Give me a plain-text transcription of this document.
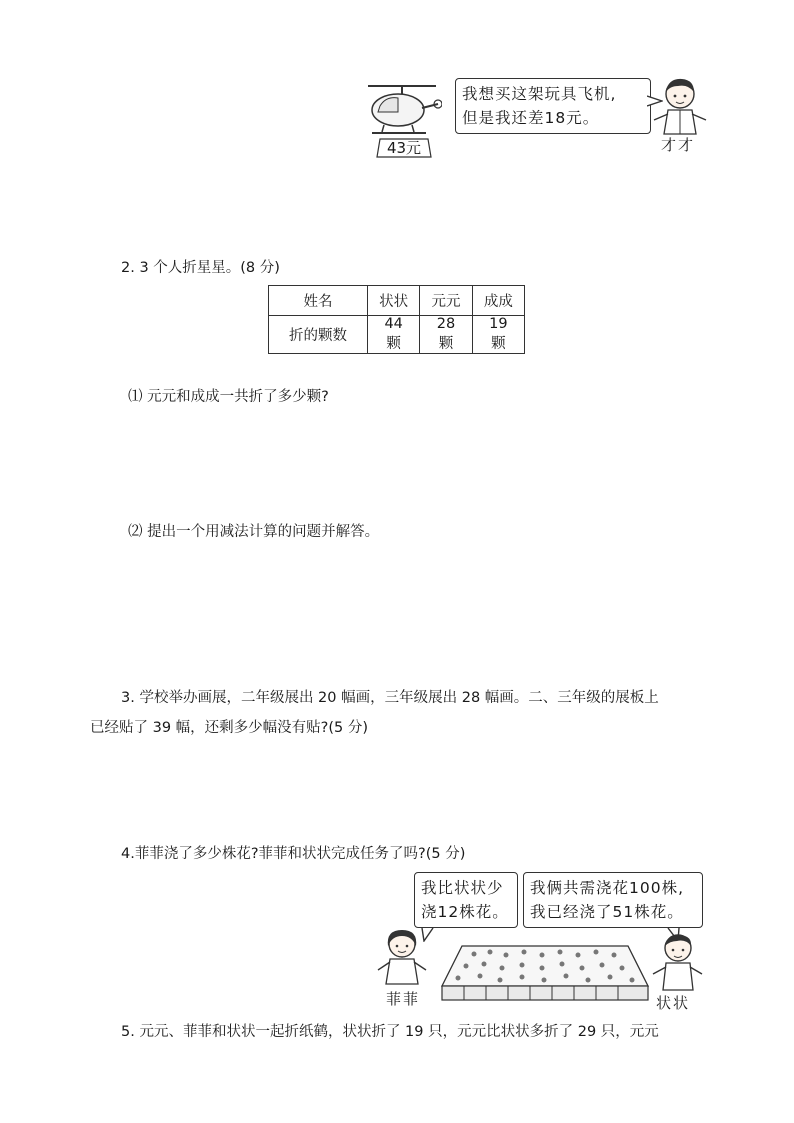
43元
我想买这架玩具飞机,
但是我还差18元。
才才
2. 3 个人折星星。(8 分)
姓名	状状	元元	成成
折的颗数	44 颗	28 颗	19 颗
⑴ 元元和成成一共折了多少颗?
⑵ 提出一个用减法计算的问题并解答。
3. 学校举办画展，二年级展出 20 幅画，三年级展出 28 幅画。二、三年级的展板上
已经贴了 39 幅，还剩多少幅没有贴?(5 分)
4.菲菲浇了多少株花?菲菲和状状完成任务了吗?(5 分)
我比状状少
浇12株花。
我俩共需浇花100株,
我已经浇了51株花。
菲菲	状状
5. 元元、菲菲和状状一起折纸鹤，状状折了 19 只，元元比状状多折了 29 只，元元
